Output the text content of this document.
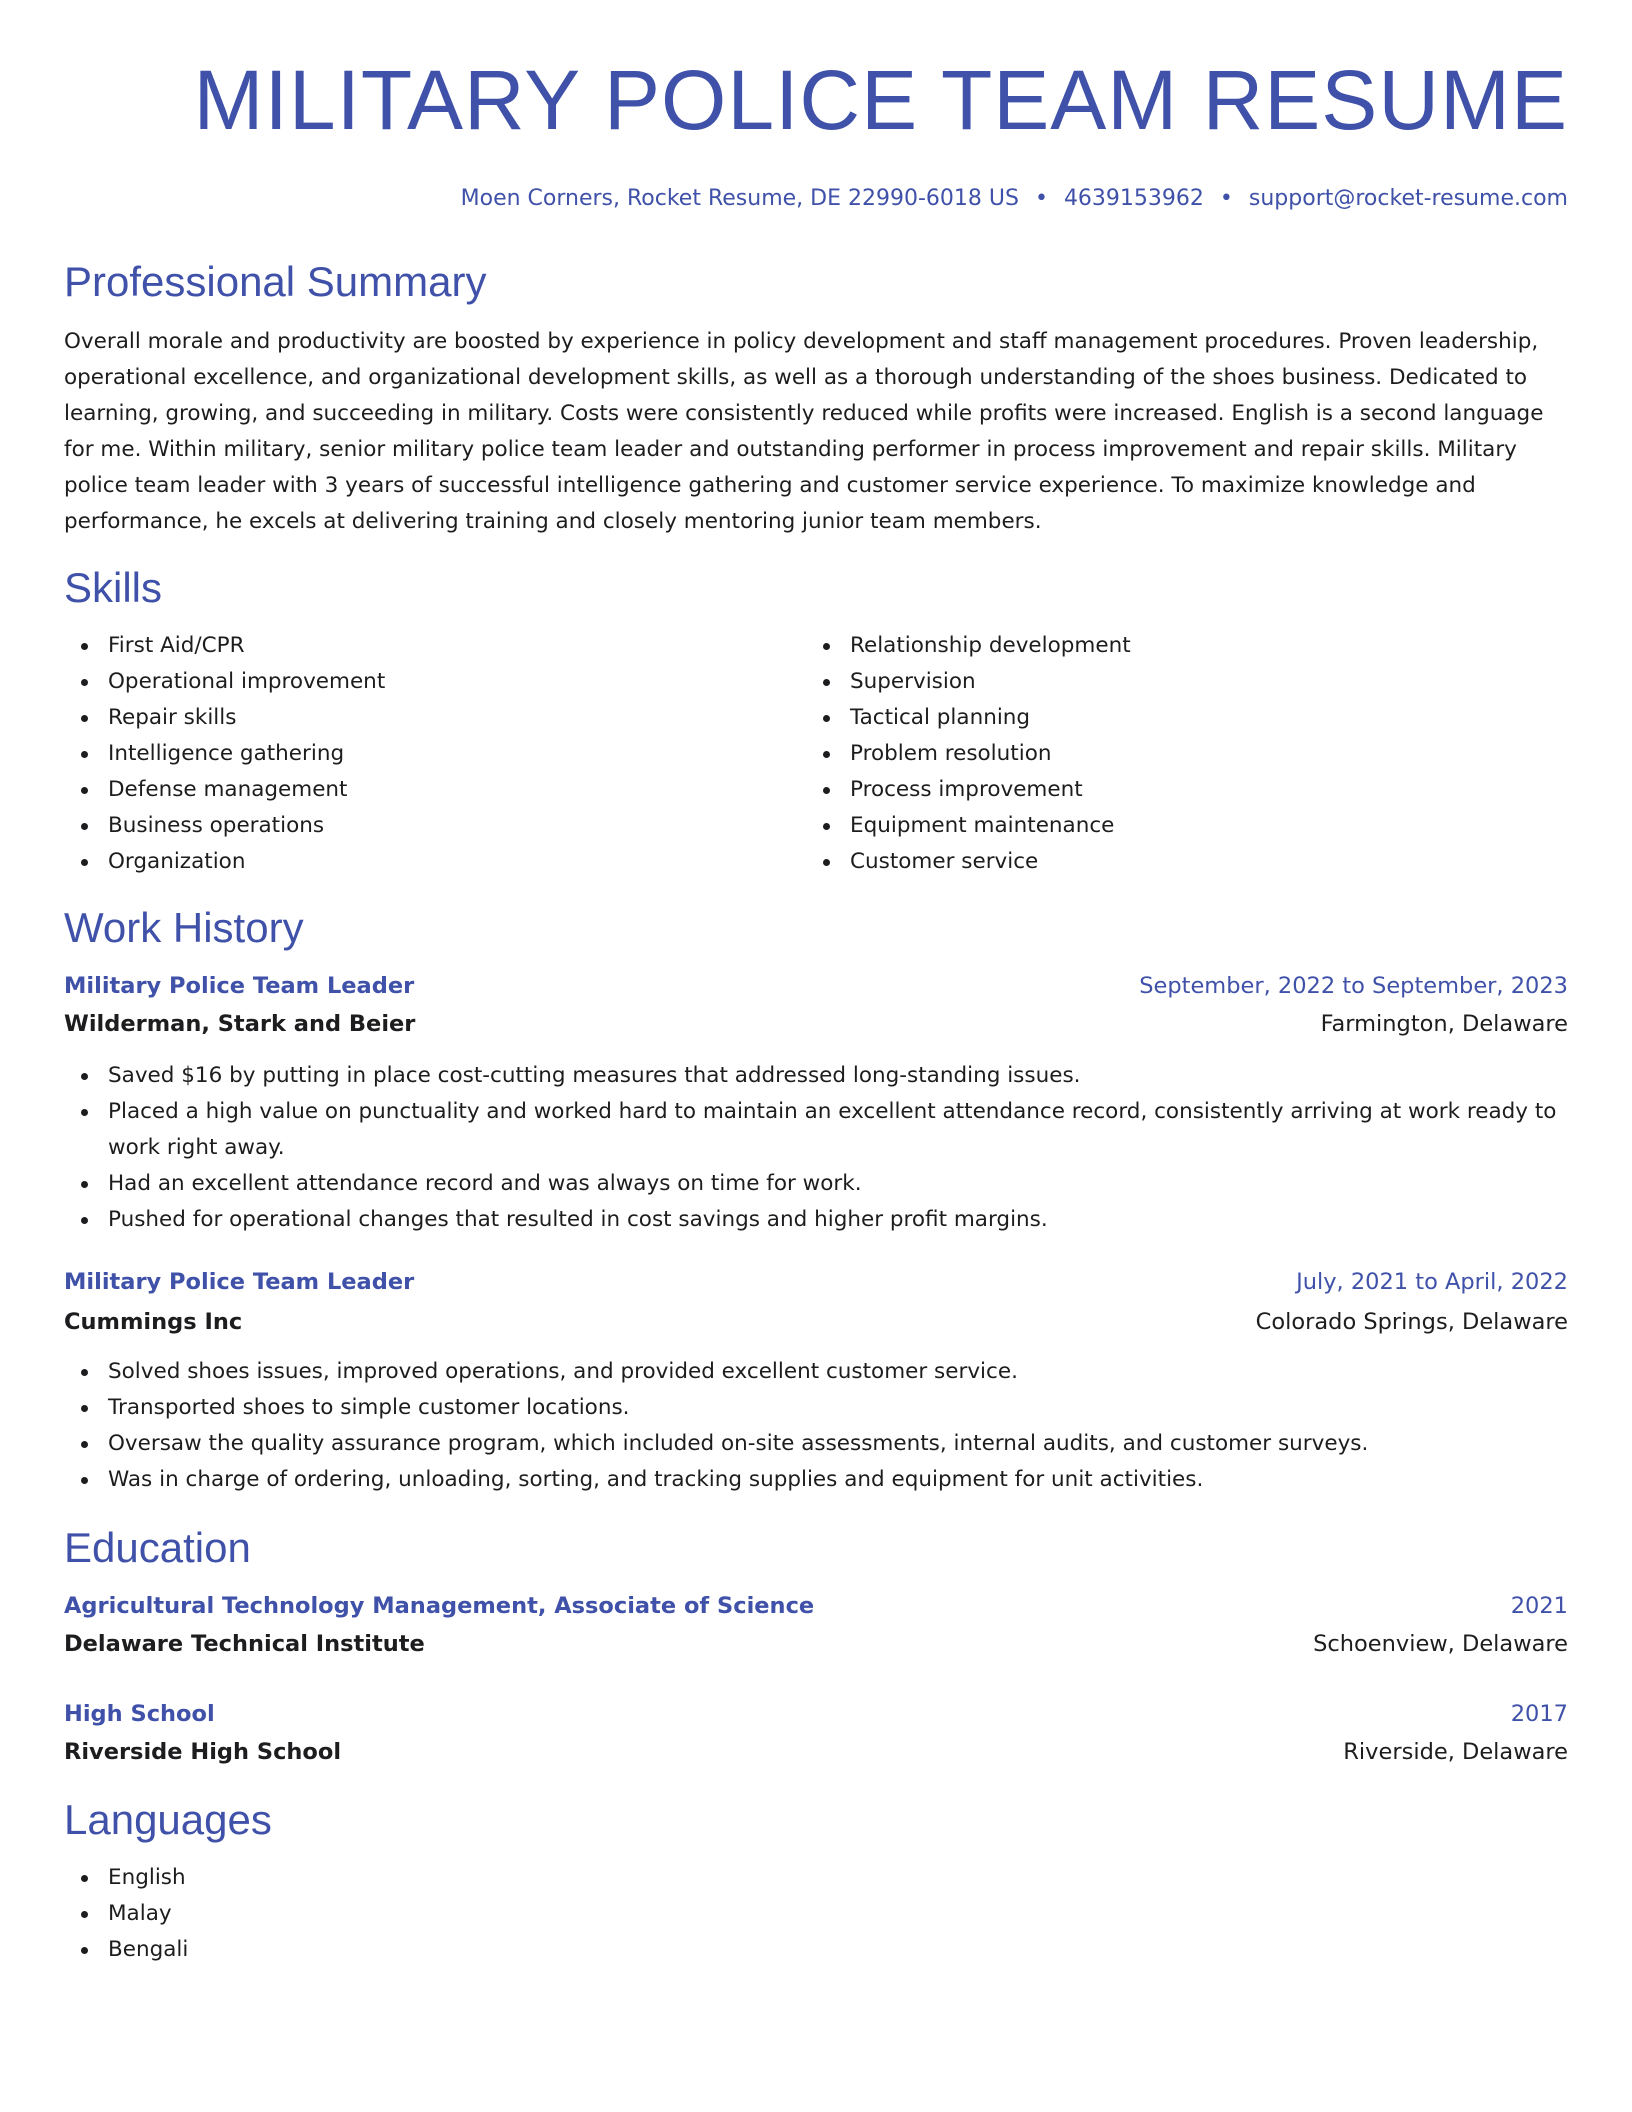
MILITARY POLICE TEAM RESUME
Moen Corners, Rocket Resume, DE 22990-6018 US • 4639153962 • support@rocket-resume.com
Professional Summary
Overall morale and productivity are boosted by experience in policy development and staff management procedures. Proven leadership, operational excellence, and organizational development skills, as well as a thorough understanding of the shoes business. Dedicated to learning, growing, and succeeding in military. Costs were consistently reduced while profits were increased. English is a second language for me. Within military, senior military police team leader and outstanding performer in process improvement and repair skills. Military police team leader with 3 years of successful intelligence gathering and customer service experience. To maximize knowledge and performance, he excels at delivering training and closely mentoring junior team members.
Skills
First Aid/CPR
Operational improvement
Repair skills
Intelligence gathering
Defense management
Business operations
Organization
Relationship development
Supervision
Tactical planning
Problem resolution
Process improvement
Equipment maintenance
Customer service
Work History
Military Police Team Leader	September, 2022 to September, 2023
Wilderman, Stark and Beier	Farmington, Delaware
Saved $16 by putting in place cost-cutting measures that addressed long-standing issues.
Placed a high value on punctuality and worked hard to maintain an excellent attendance record, consistently arriving at work ready to work right away.
Had an excellent attendance record and was always on time for work.
Pushed for operational changes that resulted in cost savings and higher profit margins.
Military Police Team Leader	July, 2021 to April, 2022
Cummings Inc	Colorado Springs, Delaware
Solved shoes issues, improved operations, and provided excellent customer service.
Transported shoes to simple customer locations.
Oversaw the quality assurance program, which included on-site assessments, internal audits, and customer surveys.
Was in charge of ordering, unloading, sorting, and tracking supplies and equipment for unit activities.
Education
Agricultural Technology Management, Associate of Science	2021
Delaware Technical Institute	Schoenview, Delaware
High School	2017
Riverside High School	Riverside, Delaware
Languages
English
Malay
Bengali
